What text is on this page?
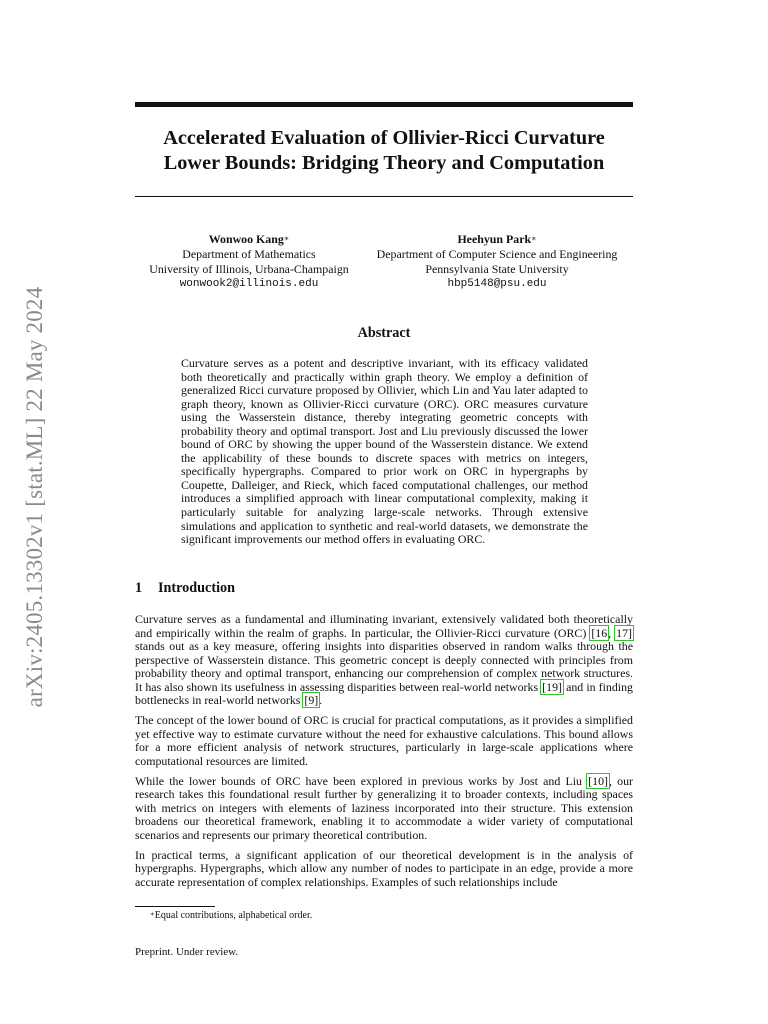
arXiv:2405.13302v1 [stat.ML] 22 May 2024
Accelerated Evaluation of Ollivier-Ricci Curvature
Lower Bounds: Bridging Theory and Computation
Wonwoo Kang∗
Department of Mathematics
University of Illinois, Urbana-Champaign
wonwook2@illinois.edu
Heehyun Park∗
Department of Computer Science and Engineering
Pennsylvania State University
hbp5148@psu.edu
Abstract
Curvature serves as a potent and descriptive invariant, with its efficacy validated both theoretically and practically within graph theory. We employ a definition of generalized Ricci curvature proposed by Ollivier, which Lin and Yau later adapted to graph theory, known as Ollivier-Ricci curvature (ORC). ORC measures curvature using the Wasserstein distance, thereby integrating geometric concepts with probability theory and optimal transport. Jost and Liu previously discussed the lower bound of ORC by showing the upper bound of the Wasserstein distance. We extend the applicability of these bounds to discrete spaces with metrics on integers, specifically hypergraphs. Compared to prior work on ORC in hypergraphs by Coupette, Dalleiger, and Rieck, which faced computational challenges, our method introduces a simplified approach with linear computational complexity, making it particularly suitable for analyzing large-scale networks. Through extensive simulations and application to synthetic and real-world datasets, we demonstrate the significant improvements our method offers in evaluating ORC.
1 Introduction

Curvature serves as a fundamental and illuminating invariant, extensively validated both theoretically and empirically within the realm of graphs. In particular, the Ollivier-Ricci curvature (ORC) [16, 17] stands out as a key measure, offering insights into disparities observed in random walks through the perspective of Wasserstein distance. This geometric concept is deeply connected with principles from probability theory and optimal transport, enhancing our comprehension of complex network structures. It has also shown its usefulness in assessing disparities between real-world networks [19] and in finding bottlenecks in real-world networks [9].

The concept of the lower bound of ORC is crucial for practical computations, as it provides a simplified yet effective way to estimate curvature without the need for exhaustive calculations. This bound allows for a more efficient analysis of network structures, particularly in large-scale applications where computational resources are limited.

While the lower bounds of ORC have been explored in previous works by Jost and Liu [10], our research takes this foundational result further by generalizing it to broader contexts, including spaces with metrics on integers with elements of laziness incorporated into their structure. This extension broadens our theoretical framework, enabling it to accommodate a wider variety of computational scenarios and represents our primary theoretical contribution.

In practical terms, a significant application of our theoretical development is in the analysis of hypergraphs. Hypergraphs, which allow any number of nodes to participate in an edge, provide a more accurate representation of complex relationships. Examples of such relationships include

∗Equal contributions, alphabetical order.
Preprint. Under review.
